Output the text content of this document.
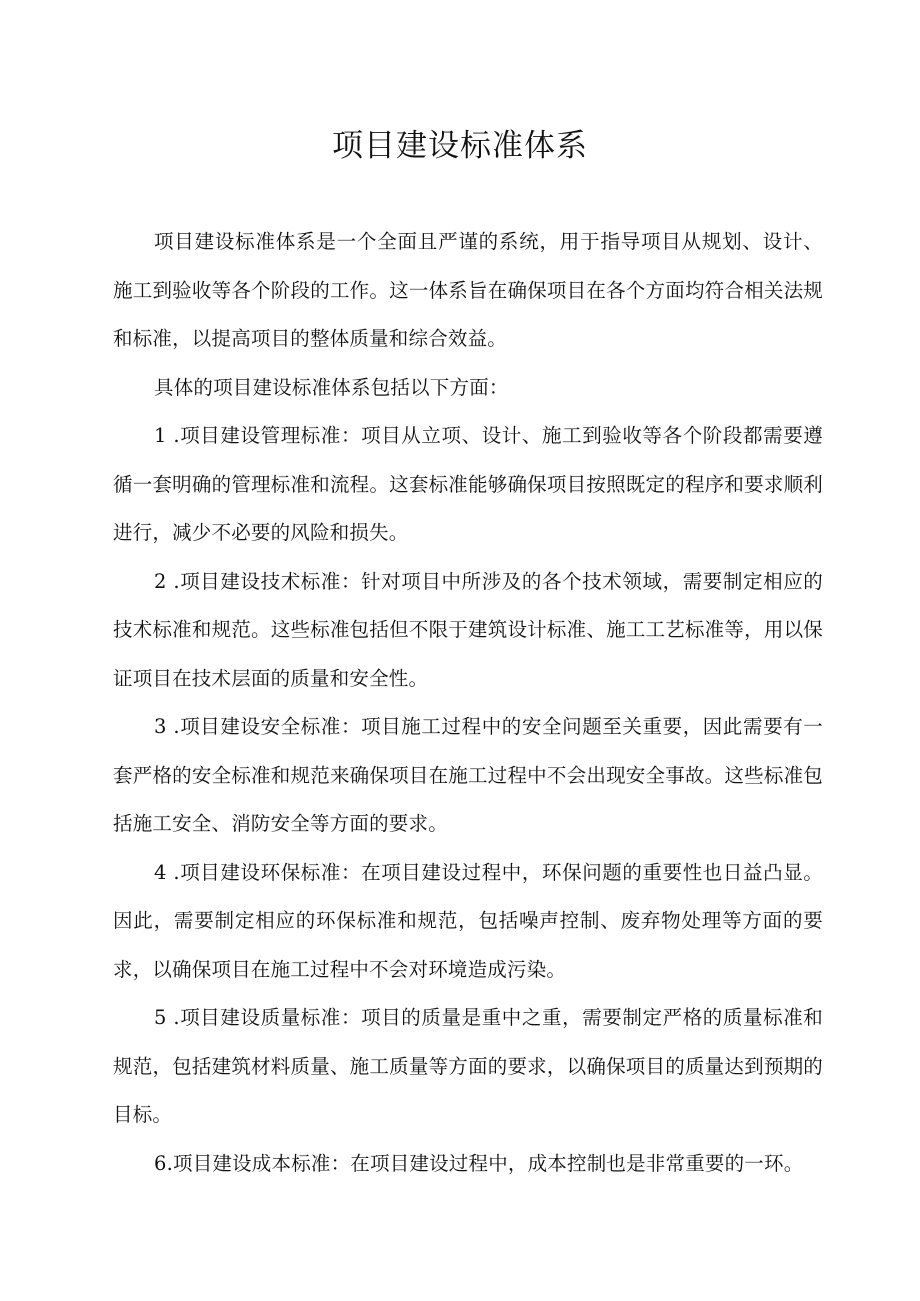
项目建设标准体系

项目建设标准体系是一个全面且严谨的系统，用于指导项目从规划、设计、施工到验收等各个阶段的工作。这一体系旨在确保项目在各个方面均符合相关法规和标准，以提高项目的整体质量和综合效益。

具体的项目建设标准体系包括以下方面：

1 .项目建设管理标准：项目从立项、设计、施工到验收等各个阶段都需要遵循一套明确的管理标准和流程。这套标准能够确保项目按照既定的程序和要求顺利进行，减少不必要的风险和损失。

2 .项目建设技术标准：针对项目中所涉及的各个技术领域，需要制定相应的技术标准和规范。这些标准包括但不限于建筑设计标准、施工工艺标准等，用以保证项目在技术层面的质量和安全性。

3 .项目建设安全标准：项目施工过程中的安全问题至关重要，因此需要有一套严格的安全标准和规范来确保项目在施工过程中不会出现安全事故。这些标准包括施工安全、消防安全等方面的要求。

4 .项目建设环保标准：在项目建设过程中，环保问题的重要性也日益凸显。因此，需要制定相应的环保标准和规范，包括噪声控制、废弃物处理等方面的要求，以确保项目在施工过程中不会对环境造成污染。

5 .项目建设质量标准：项目的质量是重中之重，需要制定严格的质量标准和规范，包括建筑材料质量、施工质量等方面的要求，以确保项目的质量达到预期的目标。

6.项目建设成本标准：在项目建设过程中，成本控制也是非常重要的一环。
